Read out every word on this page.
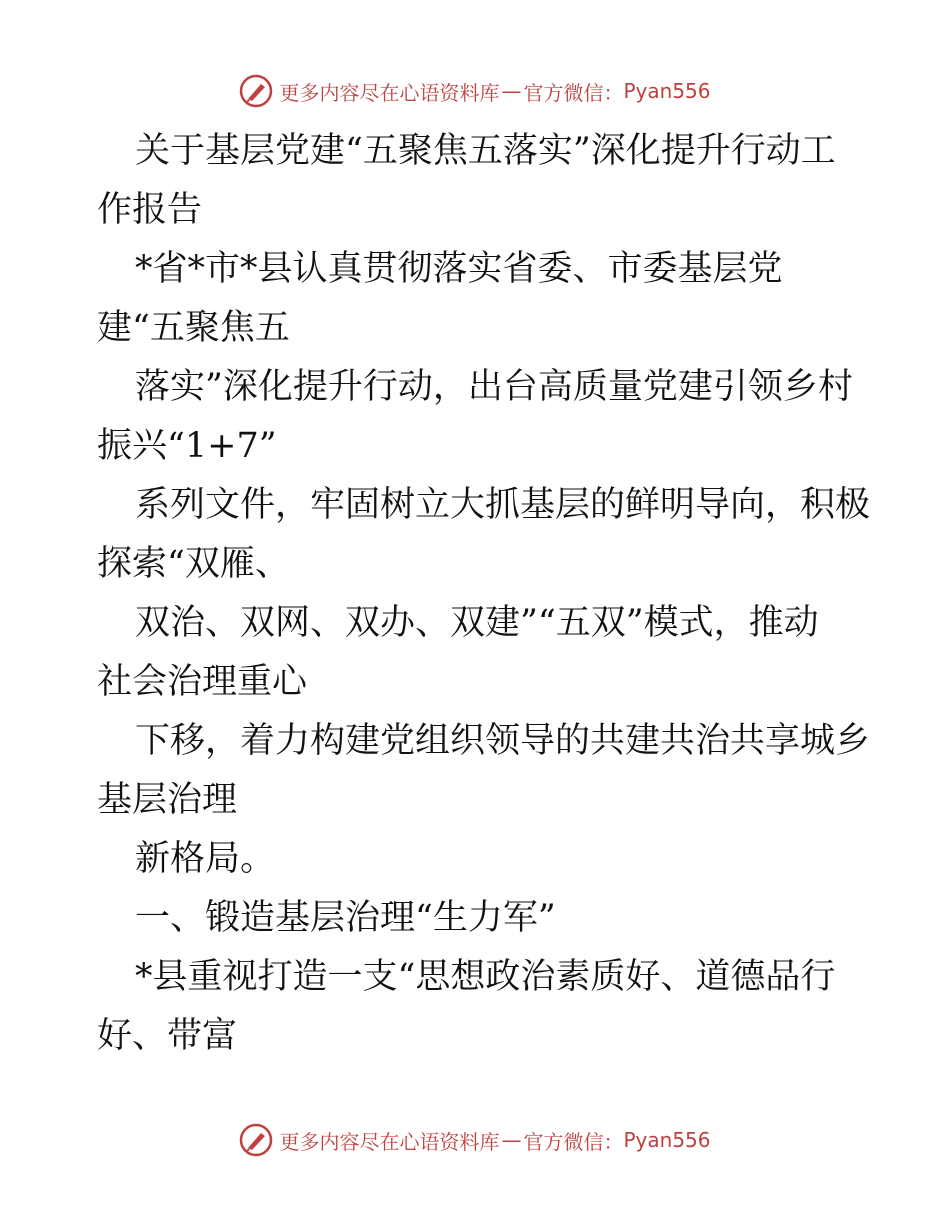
更多内容尽在心语资料库 — 官方微信： Pyan556

关于基层党建“五聚焦五落实”深化提升行动工

作报告

*省*市*县认真贯彻落实省委、市委基层党

建“五聚焦五

落实”深化提升行动，出台高质量党建引领乡村

振兴“1+7”

系列文件，牢固树立大抓基层的鲜明导向，积极

探索“双雁、

双治、双网、双办、双建”“五双”模式，推动

社会治理重心

下移，着力构建党组织领导的共建共治共享城乡

基层治理

新格局。

一、锻造基层治理“生力军”

*县重视打造一支“思想政治素质好、道德品行

好、带富

更多内容尽在心语资料库 — 官方微信： Pyan556
